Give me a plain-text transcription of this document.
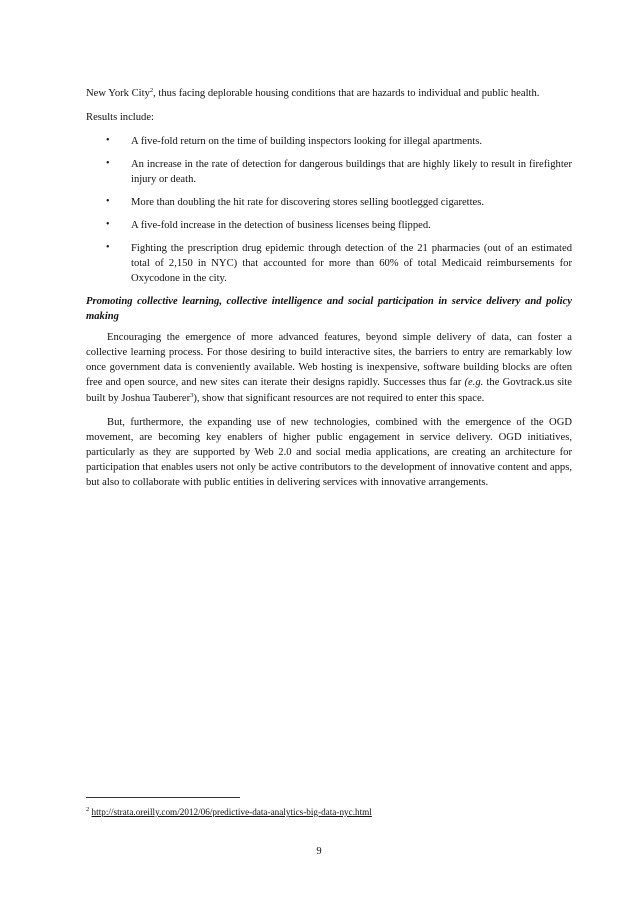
New York City$^2$, thus facing deplorable housing conditions that are hazards to individual and public health.

Results include:

• A five-fold return on the time of building inspectors looking for illegal apartments.
• An increase in the rate of detection for dangerous buildings that are highly likely to result in firefighter injury or death.
• More than doubling the hit rate for discovering stores selling bootlegged cigarettes.
• A five-fold increase in the detection of business licenses being flipped.
• Fighting the prescription drug epidemic through detection of the 21 pharmacies (out of an estimated total of 2,150 in NYC) that accounted for more than 60% of total Medicaid reimbursements for Oxycodone in the city.

Promoting collective learning, collective intelligence and social participation in service delivery and policy making

Encouraging the emergence of more advanced features, beyond simple delivery of data, can foster a collective learning process. For those desiring to build interactive sites, the barriers to entry are remarkably low once government data is conveniently available. Web hosting is inexpensive, software building blocks are often free and open source, and new sites can iterate their designs rapidly. Successes thus far (e.g. the Govtrack.us site built by Joshua Tauberer$^3$), show that significant resources are not required to enter this space.

But, furthermore, the expanding use of new technologies, combined with the emergence of the OGD movement, are becoming key enablers of higher public engagement in service delivery. OGD initiatives, particularly as they are supported by Web 2.0 and social media applications, are creating an architecture for participation that enables users not only be active contributors to the development of innovative content and apps, but also to collaborate with public entities in delivering services with innovative arrangements.

$^2$ http://strata.oreilly.com/2012/06/predictive-data-analytics-big-data-nyc.html
9
